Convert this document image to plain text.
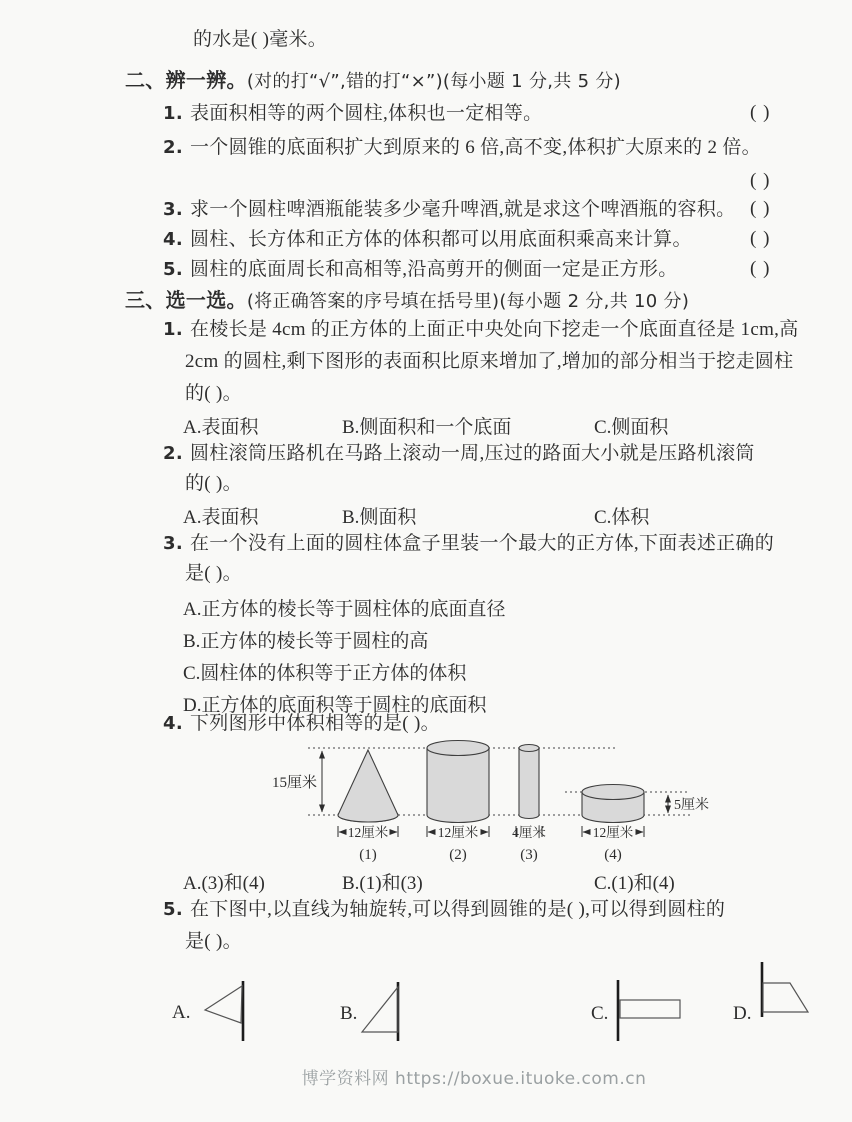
的水是( )毫米。
二、辨一辨。(对的打“√”,错的打“×”)(每小题 1 分,共 5 分)
1. 表面积相等的两个圆柱,体积也一定相等。	( )
2. 一个圆锥的底面积扩大到原来的 6 倍,高不变,体积扩大原来的 2 倍。
( )
3. 求一个圆柱啤酒瓶能装多少毫升啤酒,就是求这个啤酒瓶的容积。 ( )
4. 圆柱、长方体和正方体的体积都可以用底面积乘高来计算。	( )
5. 圆柱的底面周长和高相等,沿高剪开的侧面一定是正方形。	( )
三、选一选。(将正确答案的序号填在括号里)(每小题 2 分,共 10 分)
1. 在棱长是 4cm 的正方体的上面正中央处向下挖走一个底面直径是 1cm,高
2cm 的圆柱,剩下图形的表面积比原来增加了,增加的部分相当于挖走圆柱
的( )。
A.表面积	B.侧面积和一个底面	C.侧面积
2. 圆柱滚筒压路机在马路上滚动一周,压过的路面大小就是压路机滚筒
的( )。
A.表面积	B.侧面积	C.体积
3. 在一个没有上面的圆柱体盒子里装一个最大的正方体,下面表述正确的
是( )。
A.正方体的棱长等于圆柱体的底面直径
B.正方体的棱长等于圆柱的高
C.圆柱体的体积等于正方体的体积
D.正方体的底面积等于圆柱的底面积
4. 下列图形中体积相等的是( )。
15厘米
5厘米
12厘米	12厘米	4厘米	12厘米
(1)	(2)	(3)	(4)
A.(3)和(4)	B.(1)和(3)	C.(1)和(4)
5. 在下图中,以直线为轴旋转,可以得到圆锥的是( ),可以得到圆柱的
是( )。
A.	B.	C.	D.
博学资料网 https://boxue.ituoke.com.cn
